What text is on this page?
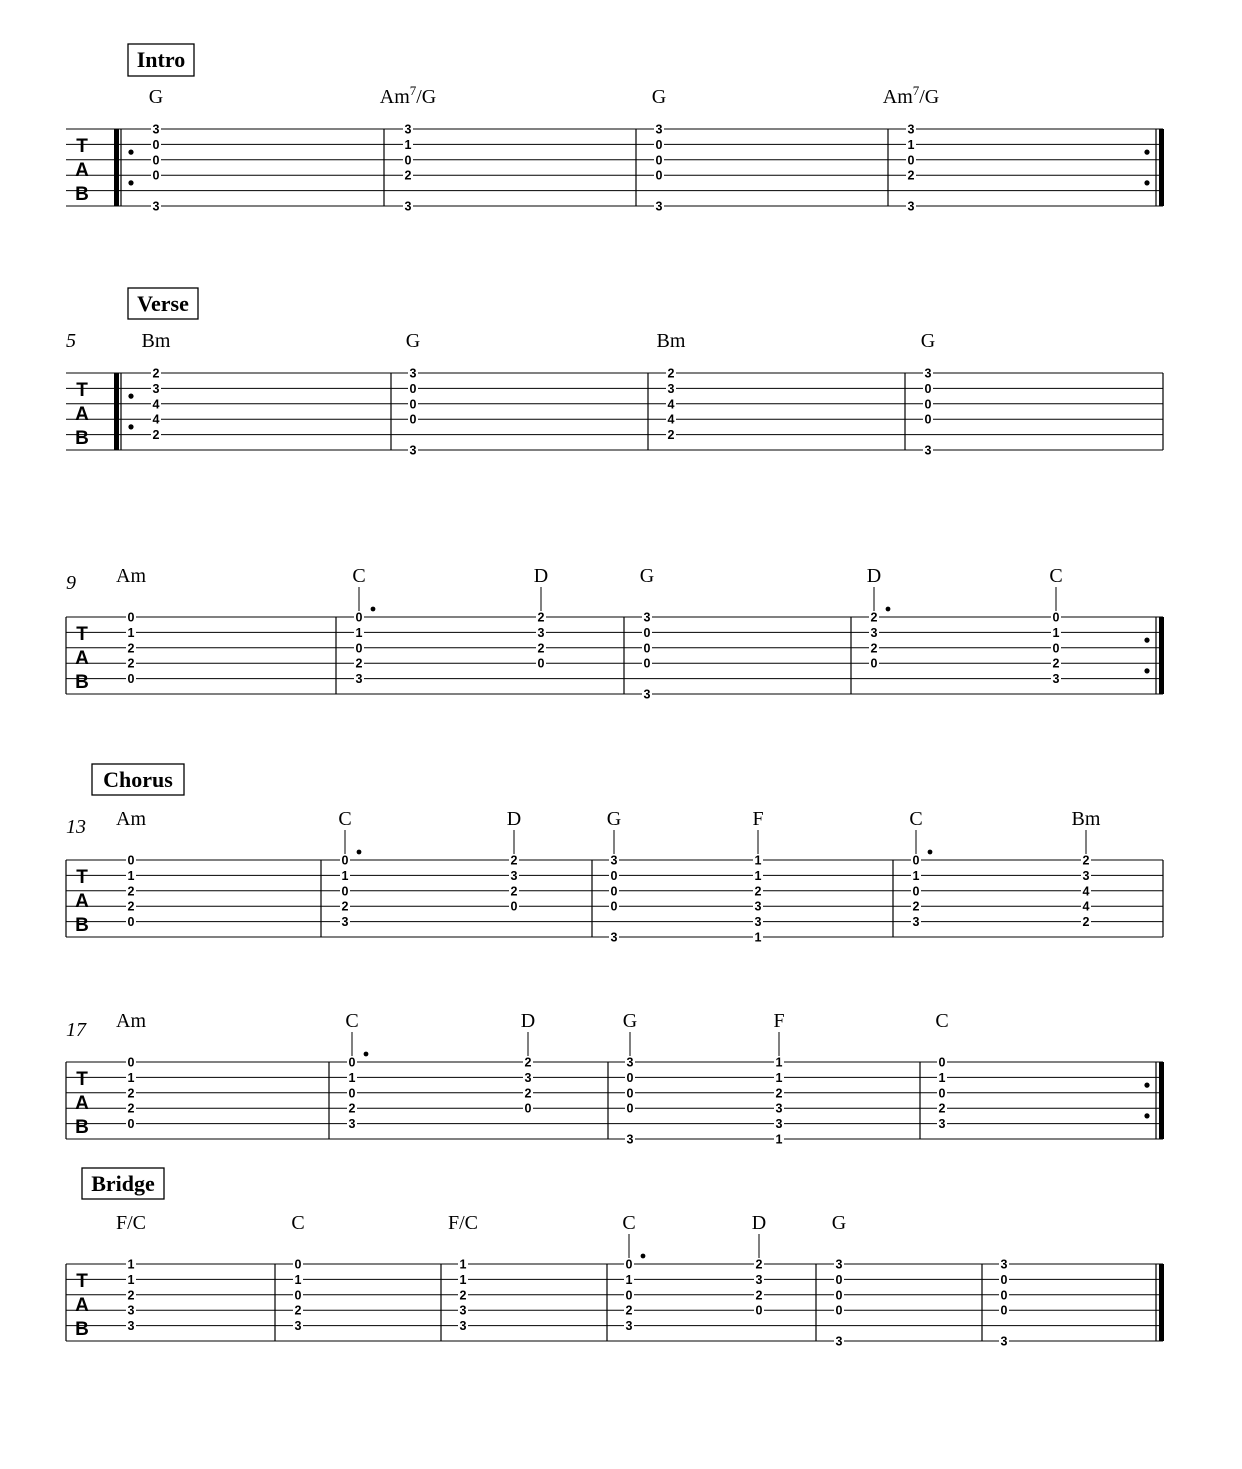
Intro
T
A
B
G
3
0
0
0
3
Am$^7$/G
3
1
0
2
3
G
3
0
0
0
3
Am$^7$/G
3
1
0
2
3
Verse
5
T
A
B
Bm
2
3
4
4
2
G
3
0
0
0
3
Bm
2
3
4
4
2
G
3
0
0
0
3
9
T
A
B
Am
0
1
2
2
0
C
0
1
0
2
3
D
2
3
2
0
G
3
0
0
0
3
D
2
3
2
0
C
0
1
0
2
3
Chorus
13
T
A
B
Am
0
1
2
2
0
C
0
1
0
2
3
D
2
3
2
0
G
3
0
0
0
3
F
1
1
2
3
3
1
C
0
1
0
2
3
Bm
2
3
4
4
2
17
T
A
B
Am
0
1
2
2
0
C
0
1
0
2
3
D
2
3
2
0
G
3
0
0
0
3
F
1
1
2
3
3
1
C
0
1
0
2
3
Bridge
T
A
B
F/C
1
1
2
3
3
C
0
1
0
2
3
F/C
1
1
2
3
3
C
0
1
0
2
3
D
2
3
2
0
G
3
0
0
0
3
3
0
0
0
3
